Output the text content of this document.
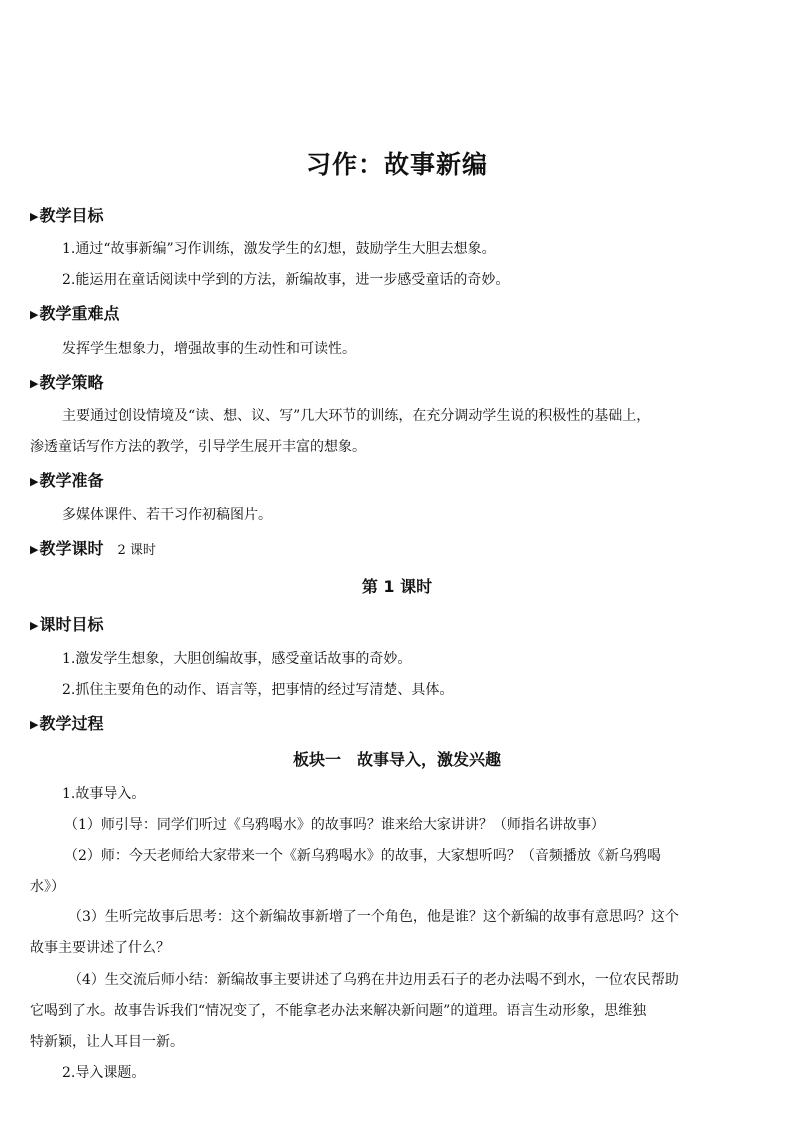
习作：故事新编
▶教学目标
1.通过“故事新编”习作训练，激发学生的幻想，鼓励学生大胆去想象。
2.能运用在童话阅读中学到的方法，新编故事，进一步感受童话的奇妙。
▶教学重难点
发挥学生想象力，增强故事的生动性和可读性。
▶教学策略
主要通过创设情境及“读、想、议、写”几大环节的训练，在充分调动学生说的积极性的基础上，
渗透童话写作方法的教学，引导学生展开丰富的想象。
▶教学准备
多媒体课件、若干习作初稿图片。
▶教学课时 2 课时
第 1 课时
▶课时目标
1.激发学生想象，大胆创编故事，感受童话故事的奇妙。
2.抓住主要角色的动作、语言等，把事情的经过写清楚、具体。
▶教学过程
板块一　故事导入，激发兴趣
1.故事导入。
（1）师引导：同学们听过《乌鸦喝水》的故事吗？谁来给大家讲讲？（师指名讲故事）
（2）师：今天老师给大家带来一个《新乌鸦喝水》的故事，大家想听吗？（音频播放《新乌鸦喝
水》）
（3）生听完故事后思考：这个新编故事新增了一个角色，他是谁？这个新编的故事有意思吗？这个
故事主要讲述了什么？
（4）生交流后师小结：新编故事主要讲述了乌鸦在井边用丢石子的老办法喝不到水，一位农民帮助
它喝到了水。故事告诉我们“情况变了，不能拿老办法来解决新问题”的道理。语言生动形象，思维独
特新颖，让人耳目一新。
2.导入课题。
